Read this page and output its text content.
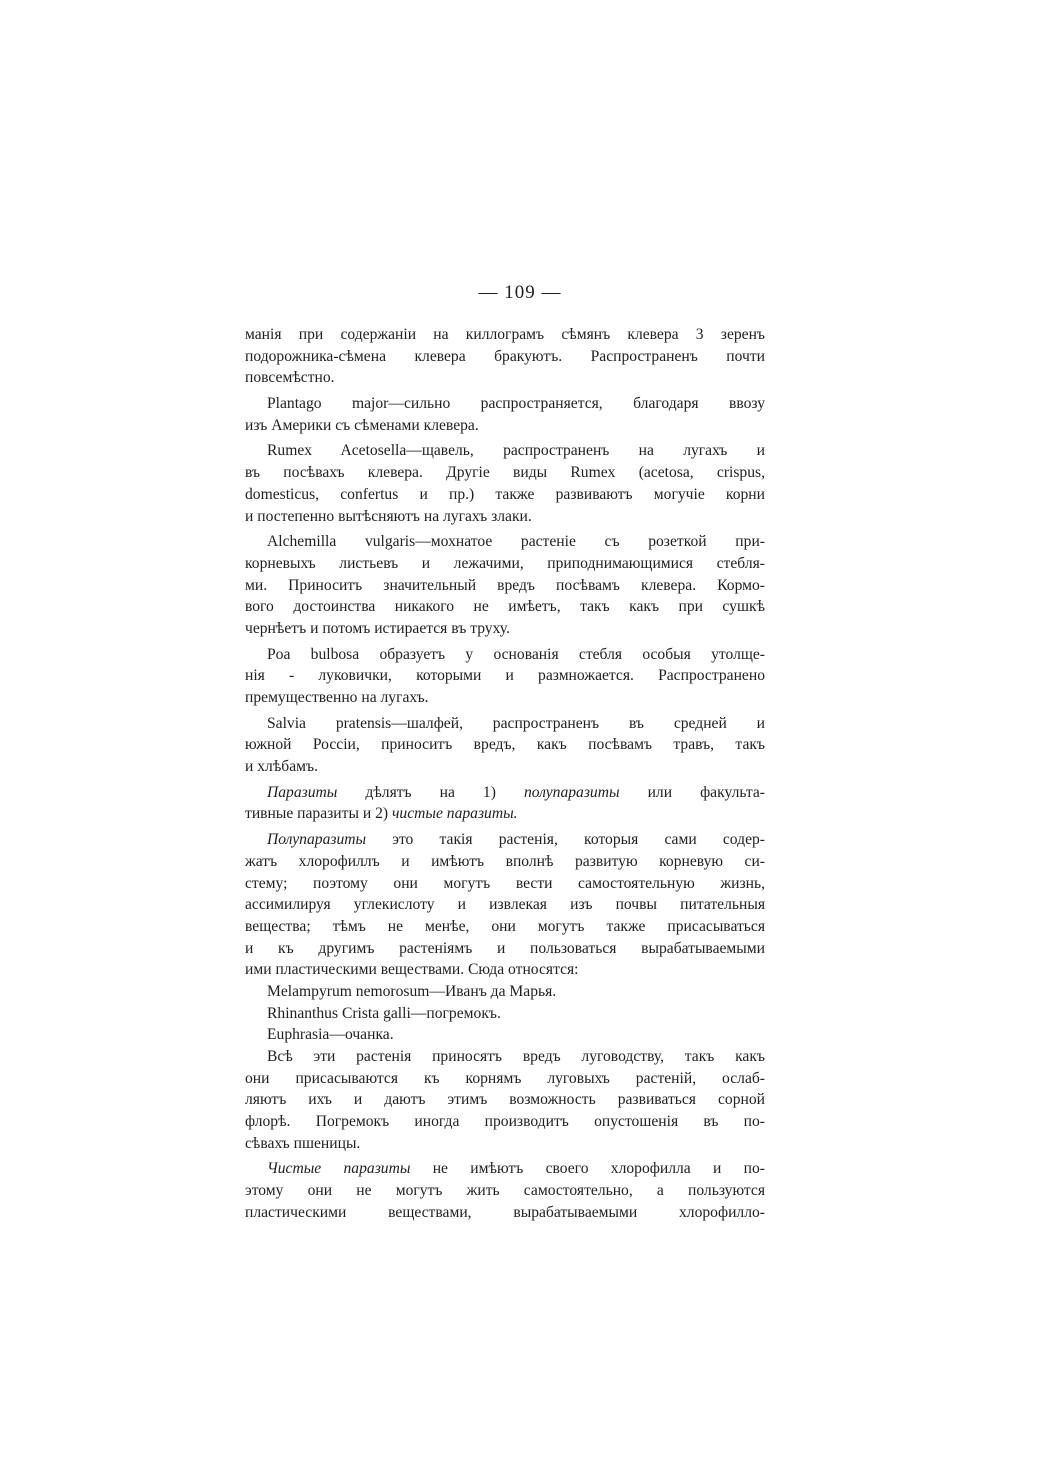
— 109 —
манія при содержаніи на киллограмъ сѣмянъ клевера 3 зеренъ
подорожника-сѣмена клевера бракуютъ. Распространенъ почти
повсемѣстно.
Plantago major—сильно распространяется, благодаря ввозу
изъ Америки съ сѣменами клевера.
Rumex Acetosella—щавель, распространенъ на лугахъ и
въ посѣвахъ клевера. Другіе виды Rumex (acetosa, crispus,
domesticus, confertus и пр.) также развиваютъ могучіе корни
и постепенно вытѣсняютъ на лугахъ злаки.
Alchemilla vulgaris—мохнатое растеніе съ розеткой при-
корневыхъ листьевъ и лежачими, приподнимающимися стебля-
ми. Приноситъ значительный вредъ посѣвамъ клевера. Кормо-
вого достоинства никакого не имѣетъ, такъ какъ при сушкѣ
чернѣетъ и потомъ истирается въ труху.
Poa bulbosa образуетъ у основанія стебля особыя утолще-
нія - луковички, которыми и размножается. Распространено
премущественно на лугахъ.
Salvia pratensis—шалфей, распространенъ въ средней и
южной Россіи, приноситъ вредъ, какъ посѣвамъ травъ, такъ
и хлѣбамъ.
Паразиты дѣлятъ на 1) полупаразиты или факульта-
тивные паразиты и 2) чистые паразиты.
Полупаразиты это такія растенія, которыя сами содер-
жатъ хлорофиллъ и имѣютъ вполнѣ развитую корневую си-
стему; поэтому они могутъ вести самостоятельную жизнь,
ассимилируя углекислоту и извлекая изъ почвы питательныя
вещества; тѣмъ не менѣе, они могутъ также присасываться
и къ другимъ растеніямъ и пользоваться вырабатываемыми
ими пластическими веществами. Сюда относятся:
Melampyrum nemorosum—Иванъ да Марья.
Rhinanthus Crista galli—погремокъ.
Euphrasia—очанка.
Всѣ эти растенія приносятъ вредъ луговодству, такъ какъ
они присасываются къ корнямъ луговыхъ растеній, ослаб-
ляютъ ихъ и даютъ этимъ возможность развиваться сорной
флорѣ. Погремокъ иногда производитъ опустошенія въ по-
сѣвахъ пшеницы.
Чистые паразиты не имѣютъ своего хлорофилла и по-
этому они не могутъ жить самостоятельно, а пользуются
пластическими веществами, вырабатываемыми хлорофилло-
